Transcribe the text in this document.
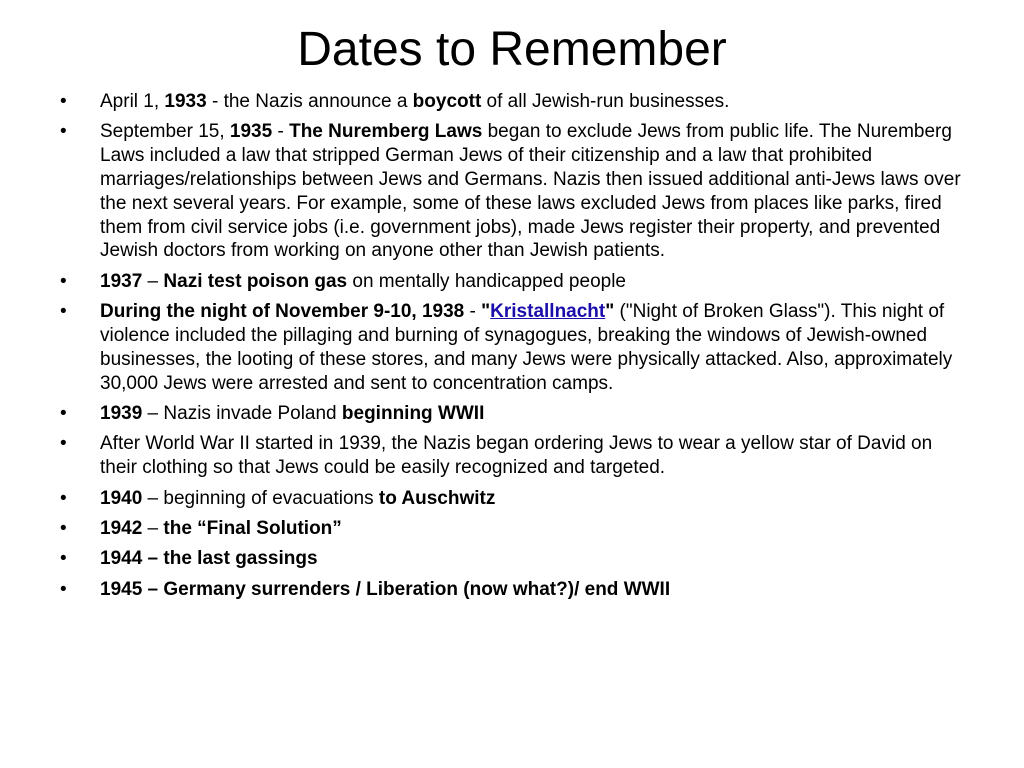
Dates to Remember
• April 1, 1933 - the Nazis announce a boycott of all Jewish-run businesses.
• September 15, 1935 - The Nuremberg Laws began to exclude Jews from public life. The Nuremberg Laws included a law that stripped German Jews of their citizenship and a law that prohibited marriages/relationships between Jews and Germans. Nazis then issued additional anti-Jews laws over the next several years. For example, some of these laws excluded Jews from places like parks, fired them from civil service jobs (i.e. government jobs), made Jews register their property, and prevented Jewish doctors from working on anyone other than Jewish patients.
• 1937 – Nazi test poison gas on mentally handicapped people
• During the night of November 9-10, 1938 - "Kristallnacht" ("Night of Broken Glass"). This night of violence included the pillaging and burning of synagogues, breaking the windows of Jewish-owned businesses, the looting of these stores, and many Jews were physically attacked. Also, approximately 30,000 Jews were arrested and sent to concentration camps.
• 1939 – Nazis invade Poland beginning WWII
• After World War II started in 1939, the Nazis began ordering Jews to wear a yellow star of David on their clothing so that Jews could be easily recognized and targeted.
• 1940 – beginning of evacuations to Auschwitz
• 1942 – the “Final Solution”
• 1944 – the last gassings
• 1945 – Germany surrenders / Liberation (now what?)/ end WWII
